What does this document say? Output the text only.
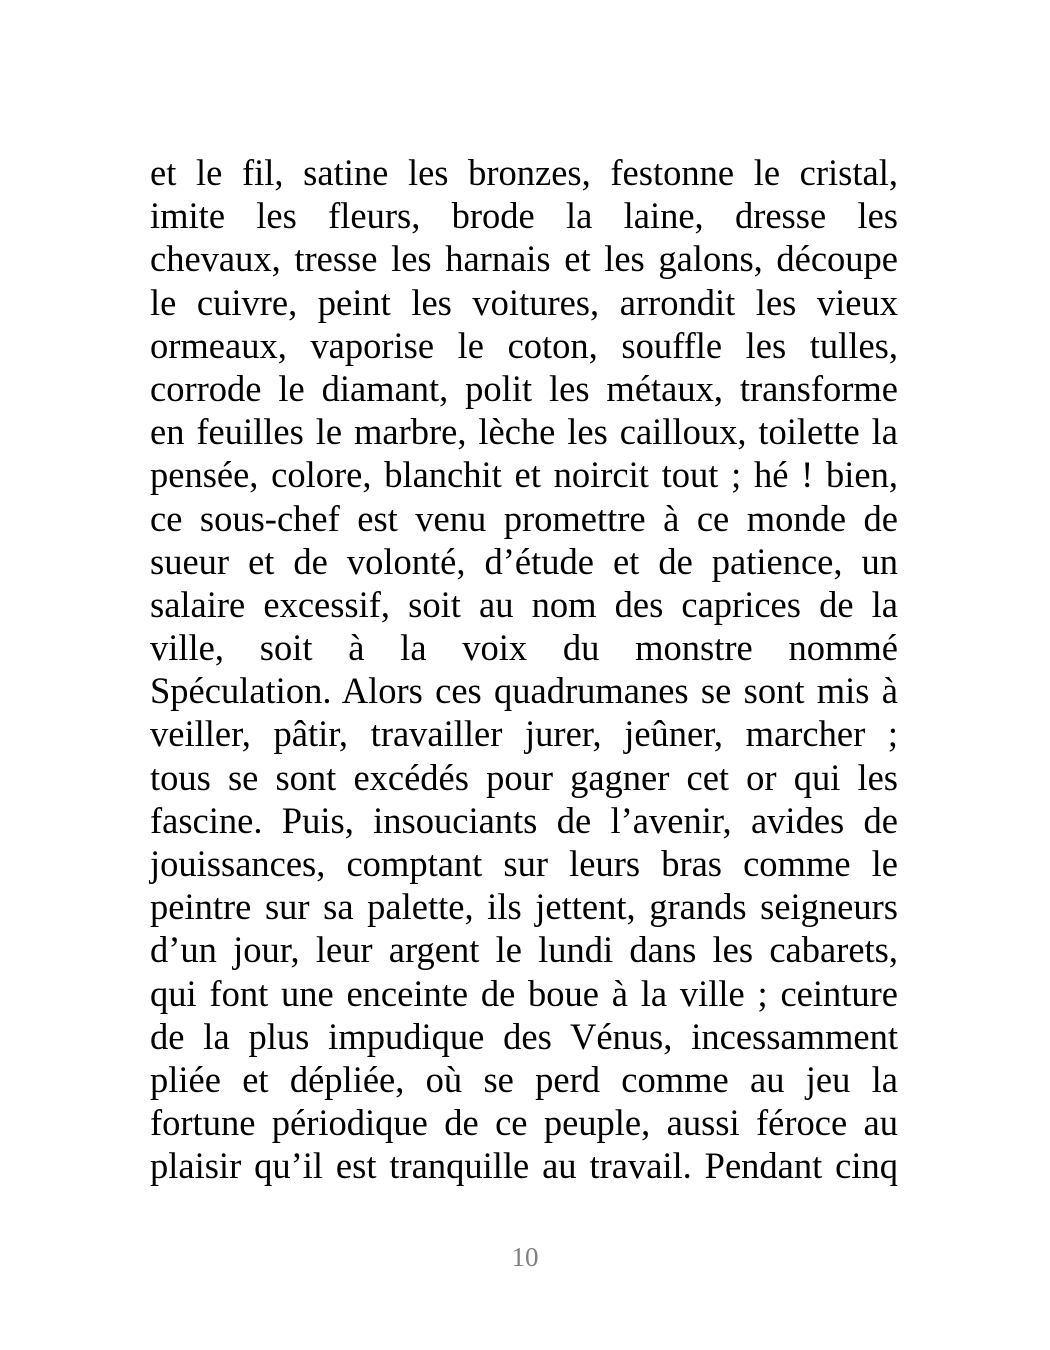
et le fil, satine les bronzes, festonne le cristal,
imite les fleurs, brode la laine, dresse les
chevaux, tresse les harnais et les galons, découpe
le cuivre, peint les voitures, arrondit les vieux
ormeaux, vaporise le coton, souffle les tulles,
corrode le diamant, polit les métaux, transforme
en feuilles le marbre, lèche les cailloux, toilette la
pensée, colore, blanchit et noircit tout ; hé ! bien,
ce sous-chef est venu promettre à ce monde de
sueur et de volonté, d’étude et de patience, un
salaire excessif, soit au nom des caprices de la
ville, soit à la voix du monstre nommé
Spéculation. Alors ces quadrumanes se sont mis à
veiller, pâtir, travailler jurer, jeûner, marcher ;
tous se sont excédés pour gagner cet or qui les
fascine. Puis, insouciants de l’avenir, avides de
jouissances, comptant sur leurs bras comme le
peintre sur sa palette, ils jettent, grands seigneurs
d’un jour, leur argent le lundi dans les cabarets,
qui font une enceinte de boue à la ville ; ceinture
de la plus impudique des Vénus, incessamment
pliée et dépliée, où se perd comme au jeu la
fortune périodique de ce peuple, aussi féroce au
plaisir qu’il est tranquille au travail. Pendant cinq
10
